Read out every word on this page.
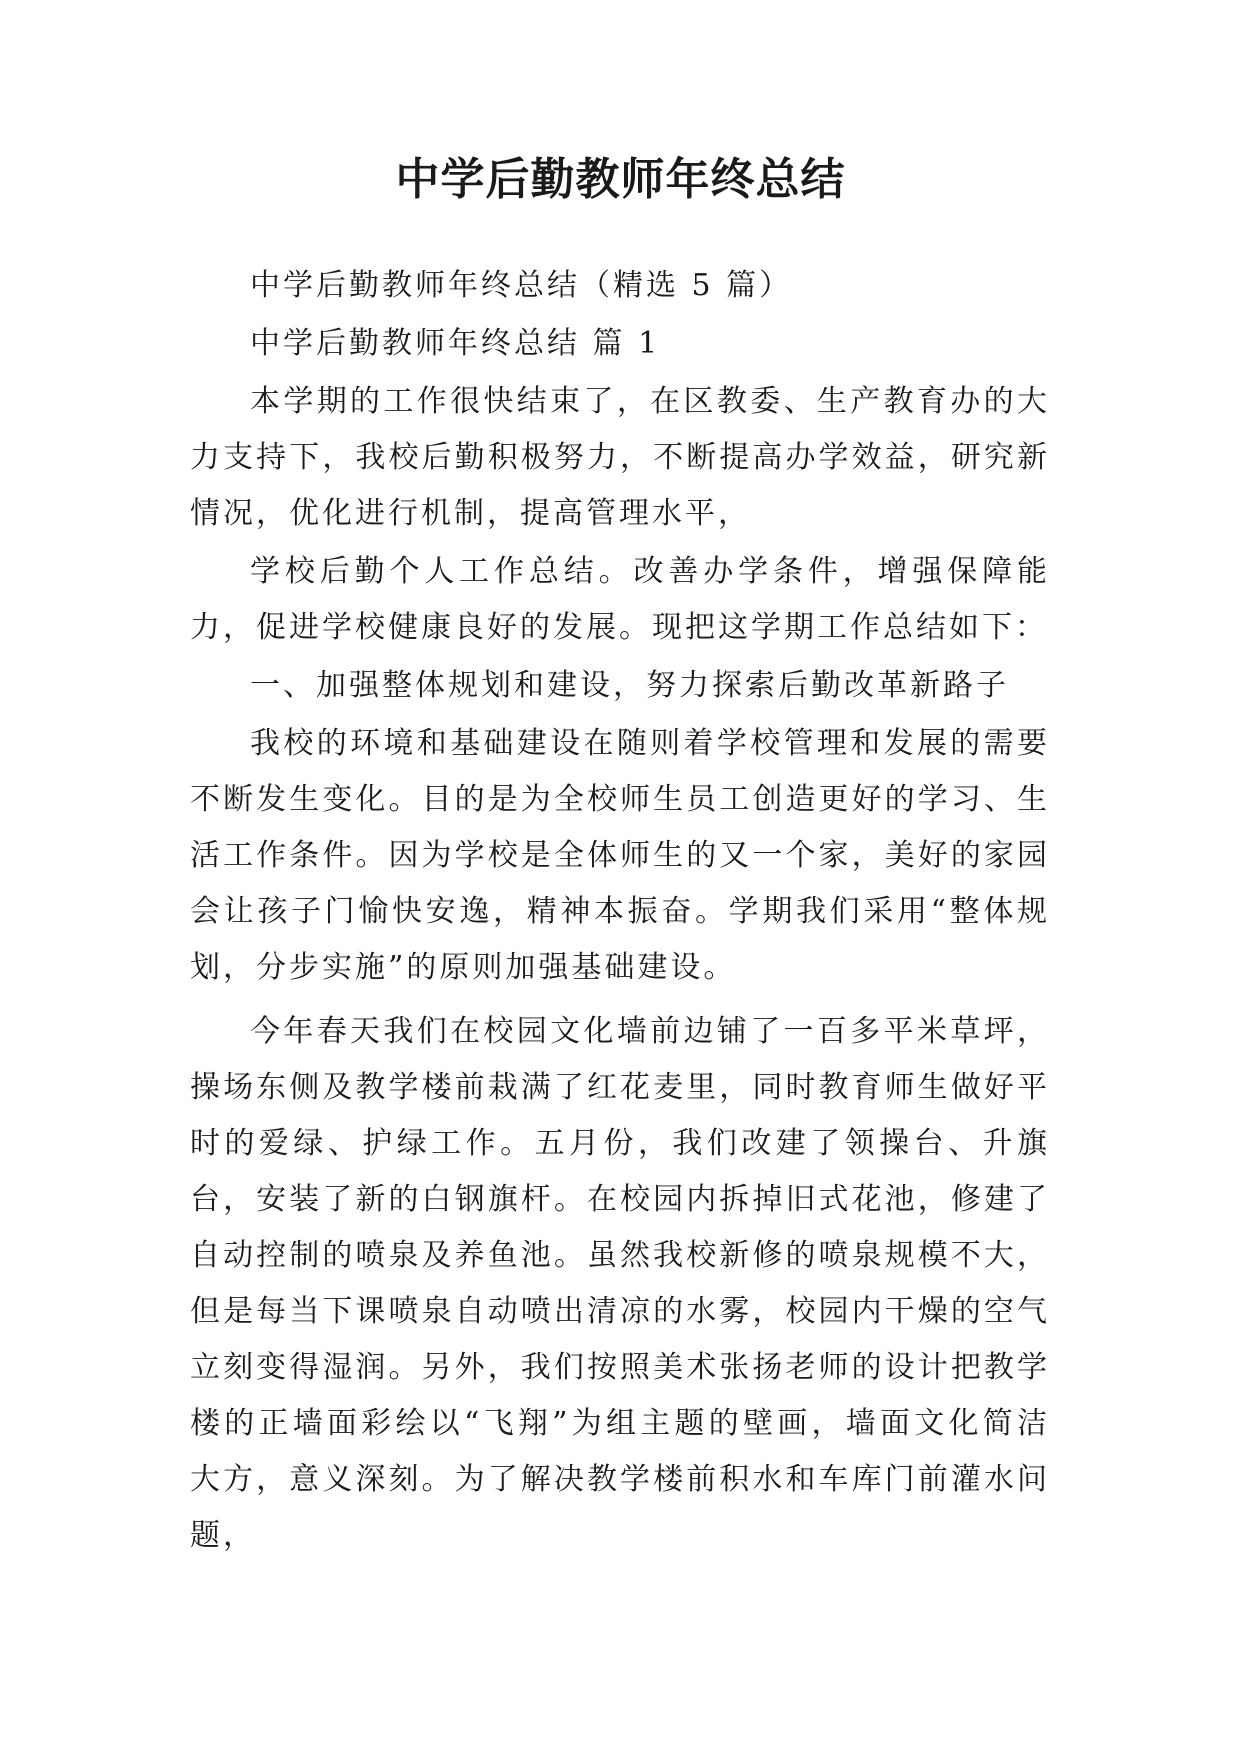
中学后勤教师年终总结

中学后勤教师年终总结（精选 5 篇）

中学后勤教师年终总结 篇 1

本学期的工作很快结束了，在区教委、生产教育办的大力支持下，我校后勤积极努力，不断提高办学效益，研究新情况，优化进行机制，提高管理水平，

学校后勤个人工作总结。改善办学条件，增强保障能力，促进学校健康良好的发展。现把这学期工作总结如下：

一、加强整体规划和建设，努力探索后勤改革新路子

我校的环境和基础建设在随则着学校管理和发展的需要不断发生变化。目的是为全校师生员工创造更好的学习、生活工作条件。因为学校是全体师生的又一个家，美好的家园会让孩子门愉快安逸，精神本振奋。学期我们采用“整体规划，分步实施”的原则加强基础建设。

今年春天我们在校园文化墙前边铺了一百多平米草坪，操场东侧及教学楼前栽满了红花麦里，同时教育师生做好平时的爱绿、护绿工作。五月份，我们改建了领操台、升旗台，安装了新的白钢旗杆。在校园内拆掉旧式花池，修建了自动控制的喷泉及养鱼池。虽然我校新修的喷泉规模不大，但是每当下课喷泉自动喷出清凉的水雾，校园内干燥的空气立刻变得湿润。另外，我们按照美术张扬老师的设计把教学楼的正墙面彩绘以“飞翔”为组主题的壁画，墙面文化简洁大方，意义深刻。为了解决教学楼前积水和车库门前灌水问题，
